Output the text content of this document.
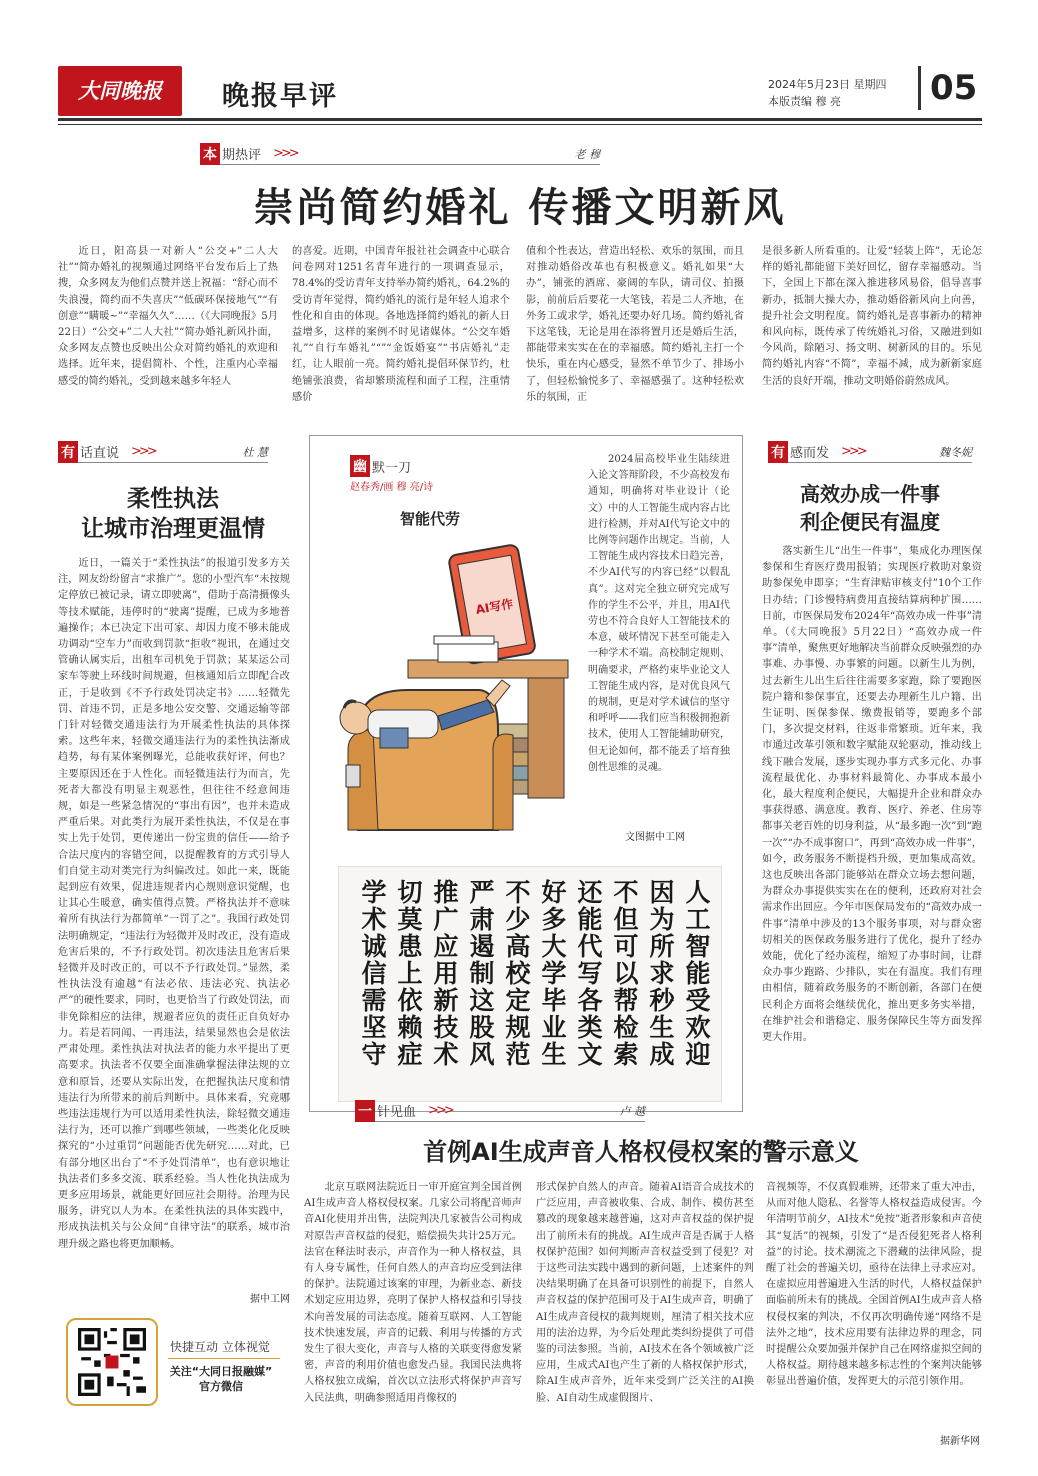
大同晚报	晚报早评	2024年5月23日 星期四
本版责编 穆 亮	05
本 期热评 >>>	老 穆
崇尚简约婚礼 传播文明新风
近日，阳高县一对新人“公交+”二人大社”“简办婚礼的视频通过网络平台发布后上了热搜，众多网友为他们点赞并送上祝福：“舒心而不失浪漫，简约而不失喜庆”“低碳环保接地气”“有创意”“瞒暖~”“幸福久久”……（《大同晚报》5月22日）“公交+”二人大社”“简办婚礼新风扑面，众多网友点赞也反映出公众对简约婚礼的欢迎和选择。近年来，提倡简朴、个性，注重内心幸福感受的简约婚礼，受到越来越多年轻人
的喜爱。近期，中国青年报社社会调查中心联合问卷网对1251名青年进行的一项调查显示，78.4%的受访青年支持举办简约婚礼，64.2%的受访青年觉得，简约婚礼的流行是年轻人追求个性化和自由的体现。各地选择简约婚礼的新人日益增多，这样的案例不时见诸媒体。“公交车婚礼”“自行车婚礼”“”“金饭婚宴”“书店婚礼”走红，让人眼前一亮。简约婚礼提倡环保节约，杜绝铺张浪费，省却繁琐流程和面子工程，注重情感价
值和个性表达，营造出轻松、欢乐的氛围，而且对推动婚俗改革也有积极意义。婚礼如果“大办”，铺张的酒席、豪阔的车队，请司仪、拍摄影，前前后后要花一大笔钱，若是二人齐地，在外务工或求学，婚礼还要办好几场。简约婚礼省下这笔钱，无论是用在添将置月还是婚后生活，都能带来实实在在的幸福感。简约婚礼主打一个快乐，重在内心感受，显然不单节少了、排场小了，但轻松愉悦多了、幸福感强了。这种轻松欢乐的氛围，正
是很多新人所看重的。让爱“轻装上阵”，无论怎样的婚礼都能留下美好回忆，留存幸福感动。当下，全国上下都在深入推进移风易俗，倡导喜事新办，抵制大操大办，推动婚俗新风向上向善，提升社会文明程度。简约婚礼是喜事新办的精神和风向标，既传承了传统婚礼习俗，又融进到如今风尚，除陋习、扬文明、树新风的目的。乐见简约婚礼内容“不简”，幸福不减，成为新新家庭生活的良好开端，推动文明婚俗蔚然成风。
有 话直说 >>>	杜 慧
柔性执法
让城市治理更温情
近日，一篇关于“柔性执法”的报道引发多方关注，网友纷纷留言“求推广”。您的小型汽车“未按规定停放已被记录，请立即驶离”，借助于高清摄像头等技术赋能，违停时的“驶离”提醒，已成为多地普遍操作；本已决定下出可家、却因力度不够未能成功调动“空车力”而收到罚款“拒收”视讯，在通过交管确认属实后，出租车司机免于罚款；某某运公司家车等驶上环线时间规避，但核通知后立即配合改正，于是收到《不予行政处罚决定书》……轻微先罚、首违不罚，正是多地公安交警、交通运输等部门针对轻微交通违法行为开展柔性执法的具体探索。这些年来，轻微交通违法行为的柔性执法渐成趋势，每有某体案例曝光，总能收获好评，何也？主要原因还在于人性化。而轻微违法行为而言，先死者大都没有明显主观恶性，但往往不经意间违规，如是一些紧急情况的“事出有因”，也并未造成严重后果。对此类行为展开柔性执法，不仅是在事实上先于处罚，更传递出一份宝贵的信任——给予合法尺度内的容错空间，以提醒教育的方式引导人们自觉主动对类完行为纠偏改过。如此一来，既能起到应有效果，促进违规者内心规则意识觉醒，也让其心生暖意，确实值得点赞。严格执法并不意味着所有执法行为都简单“一罚了之”。我国行政处罚法明确规定，“违法行为轻微并及时改正，没有造成危害后果的，不予行政处罚。初次违法且危害后果轻微并及时改正的，可以不予行政处罚。”显然，柔性执法没有逾越“有法必依、违法必究、执法必严”的硬性要求，同时，也更恰当了行政处罚法，而非免除相应的法律，规避者应负的责任正自负好办力。若是若同闻、一再违法，结果显然也会是依法严肃处理。柔性执法对执法者的能力水平提出了更高要求。执法者不仅要全面准确掌握法律法规的立意和原旨，还要从实际出发，在把握执法尺度和情违法行为所带来的前后判断中。具体来看，究竟哪些违法违规行为可以适用柔性执法，除轻微交通违法行为，还可以推广到哪些领域，一些类化化反映探究的“小过重罚”问题能否优先研究……对此，已有部分地区出台了“不予处罚清单”，也有意识地让执法者们多多交流、联系经验。当人性化执法成为更多应用场景，就能更好回应社会期待。治理为民服务，讲究以人为本。在柔性执法的具体实践中，形成执法机关与公众间“自律守法”的联系，城市治理升级之路也将更加顺畅。
据中工网
幽 默一刀
赵春秀/画 穆 亮/诗
智能代劳
AI写作
2024届高校毕业生陆续进入论文答辩阶段，不少高校发布通知，明确将对毕业设计（论文）中的人工智能生成内容占比进行检测，并对AI代写论文中的比例等问题作出规定。当前，人工智能生成内容技术日趋完善，不少AI代写的内容已经“以假乱真”。这对完全独立研究完成写作的学生不公平，并且，用AI代劳也不符合良好人工智能技术的本意，破坏情况下甚至可能走入一种学术不端。高校制定规则、明确要求，严格约束毕业论文人工智能生成内容，是对优良风气的规制，更是对学术诚信的坚守和呼呼——我们应当积极拥抱新技术，使用人工智能辅助研究，但无论如何，都不能丢了培育独创性思维的灵魂。
文图据中工网
人工智能受欢迎
因为所求秒生成
不但可以帮检索
还能代写各类文
好多大学毕业生
不少高校定规范
严肃遏制这股风
推广应用新技术
切莫患上依赖症
学术诚信需坚守
有 感而发 >>>	魏冬妮
高效办成一件事
利企便民有温度
落实新生儿“出生一件事”，集成化办理医保参保和生育医疗费用报销；实现医疗救助对象资助参保免申即享；“生育津贴审核支付”10个工作日办结；门诊慢特病费用直接结算病种扩围……日前，市医保局发布2024年“高效办成一件事”清单。（《大同晚报》5月22日）“高效办成一件事”清单，聚焦更好地解决当前群众反映强烈的办事难、办事慢、办事繁的问题。以新生儿为例，过去新生儿出生后往往需要多家跑，除了要跑医院户籍和参保事宜，还要去办理新生儿户籍、出生证明、医保参保、缴费报销等，要跑多个部门，多次提交材料，往返非常繁琐。近年来，我市通过改革引领和数字赋能双轮驱动，推动线上线下融合发展，逐步实现办事方式多元化、办事流程最优化、办事材料最简化、办事成本最小化，最大程度利企便民，大幅提升企业和群众办事获得感、满意度。教育、医疗、养老、住房等都事关老百姓的切身利益，从“最多跑一次”到“跑一次”“办不成事窗口”，再到“高效办成一件事”，如今，政务服务不断提档升级，更加集成高效。这也反映出各部门能够站在群众立场去想问题，为群众办事提供实实在在的便利，还政府对社会需求作出回应。今年市医保局发布的“高效办成一件事”清单中涉及的13个服务事项，对与群众密切相关的医保政务服务进行了优化，提升了经办效能，优化了经办流程，缩短了办事时间，让群众办事少跑路、少排队，实在有温度。我们有理由相信，随着政务服务的不断创新，各部门在便民利企方面将会继续优化，推出更多务实举措，在维护社会和谐稳定、服务保障民生等方面发挥更大作用。
一 针见血 >>>	卢 越
首例AI生成声音人格权侵权案的警示意义
北京互联网法院近日一审开庭宣判全国首例AI生成声音人格权侵权案。几家公司将配音师声音AI化使用并出售，法院判决几家被告公司构成对原告声音权益的侵犯，赔偿损失共计25万元。法官在释法时表示，声音作为一种人格权益，具有人身专属性，任何自然人的声音均应受到法律的保护。法院通过该案的审理，为新业态、新技术划定应用边界，亮明了保护人格权益和引导技术向善发展的司法态度。随着互联网、人工智能技术快速发展，声音的记载、利用与传播的方式发生了很大变化，声音与人格的关联变得愈发紧密，声音的利用价值也愈发凸显。我国民法典将人格权独立成编，首次以立法形式将保护声音写入民法典，明确参照适用肖像权的
形式保护自然人的声音。随着AI语音合成技术的广泛应用，声音被收集、合成、制作、模仿甚至篡改的现象越来越普遍，这对声音权益的保护提出了前所未有的挑战。AI生成声音是否属于人格权保护范围？如何判断声音权益受到了侵犯？对于这些司法实践中遇到的新问题，上述案件的判决结果明确了在具备可识别性的前提下，自然人声音权益的保护范围可及于AI生成声音，明确了AI生成声音侵权的裁判规则，厘清了相关技术应用的法治边界，为今后处理此类纠纷提供了可借鉴的司法参照。当前，AI技术在各个领域被广泛应用，生成式AI也产生了新的人格权保护形式，除AI生成声音外，近年来受到广泛关注的AI换脸、AI自动生成虚假图片、
音视频等，不仅真假难辨，还带来了重大冲击，从而对他人隐私、名誉等人格权益造成侵害。今年清明节前夕，AI技术“免按”逝者形象和声音使其“复活”的视频，引发了“是否侵犯死者人格利益”的讨论。技术潮流之下潜藏的法律风险，提醒了社会的普遍关切，亟待在法律上寻求应对。在虚拟应用普遍进入生活的时代，人格权益保护面临前所未有的挑战。全国首例AI生成声音人格权侵权案的判决，不仅再次明确传递“网络不是法外之地”，技术应用要有法律边界的理念，同时提醒公众要加强并保护自己在网络虚拟空间的人格权益。期待越来越多标志性的个案判决能够彰显出普遍价值，发挥更大的示范引领作用。
据新华网
快捷互动 立体视觉
关注“大同日报融媒”
官方微信
